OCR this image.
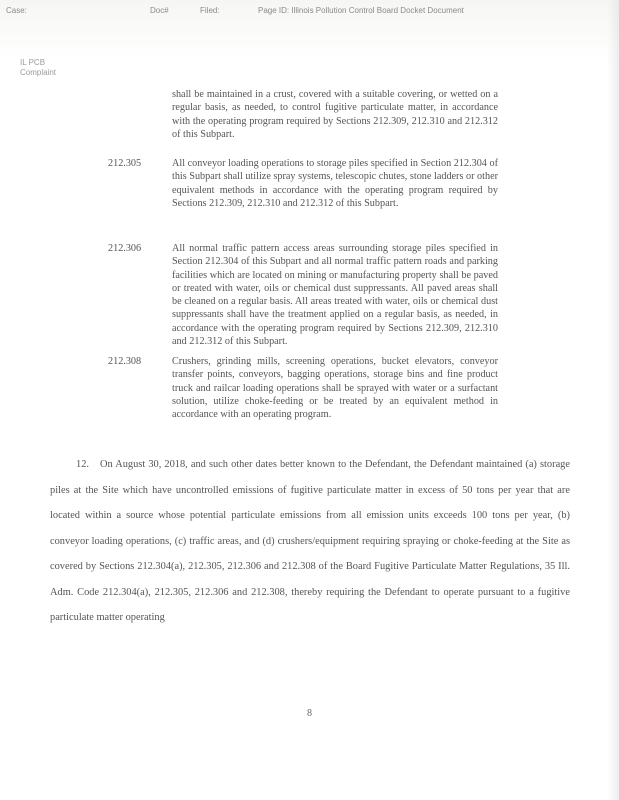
Case:	Doc#	Filed:	Page ID: Illinois Pollution Control Board Docket Document
IL PCB
Complaint
shall be maintained in a crust, covered with a suitable covering, or wetted on a regular basis, as needed, to control fugitive particulate matter, in accordance with the operating program required by Sections 212.309, 212.310 and 212.312 of this Subpart.
212.305	All conveyor loading operations to storage piles specified in Section 212.304 of this Subpart shall utilize spray systems, telescopic chutes, stone ladders or other equivalent methods in accordance with the operating program required by Sections 212.309, 212.310 and 212.312 of this Subpart.
212.306	All normal traffic pattern access areas surrounding storage piles specified in Section 212.304 of this Subpart and all normal traffic pattern roads and parking facilities which are located on mining or manufacturing property shall be paved or treated with water, oils or chemical dust suppressants. All paved areas shall be cleaned on a regular basis. All areas treated with water, oils or chemical dust suppressants shall have the treatment applied on a regular basis, as needed, in accordance with the operating program required by Sections 212.309, 212.310 and 212.312 of this Subpart.
212.308	Crushers, grinding mills, screening operations, bucket elevators, conveyor transfer points, conveyors, bagging operations, storage bins and fine product truck and railcar loading operations shall be sprayed with water or a surfactant solution, utilize choke-feeding or be treated by an equivalent method in accordance with an operating program.
12. On August 30, 2018, and such other dates better known to the Defendant, the Defendant maintained (a) storage piles at the Site which have uncontrolled emissions of fugitive particulate matter in excess of 50 tons per year that are located within a source whose potential particulate emissions from all emission units exceeds 100 tons per year, (b) conveyor loading operations, (c) traffic areas, and (d) crushers/equipment requiring spraying or choke-feeding at the Site as covered by Sections 212.304(a), 212.305, 212.306 and 212.308 of the Board Fugitive Particulate Matter Regulations, 35 Ill. Adm. Code 212.304(a), 212.305, 212.306 and 212.308, thereby requiring the Defendant to operate pursuant to a fugitive particulate matter operating
8
